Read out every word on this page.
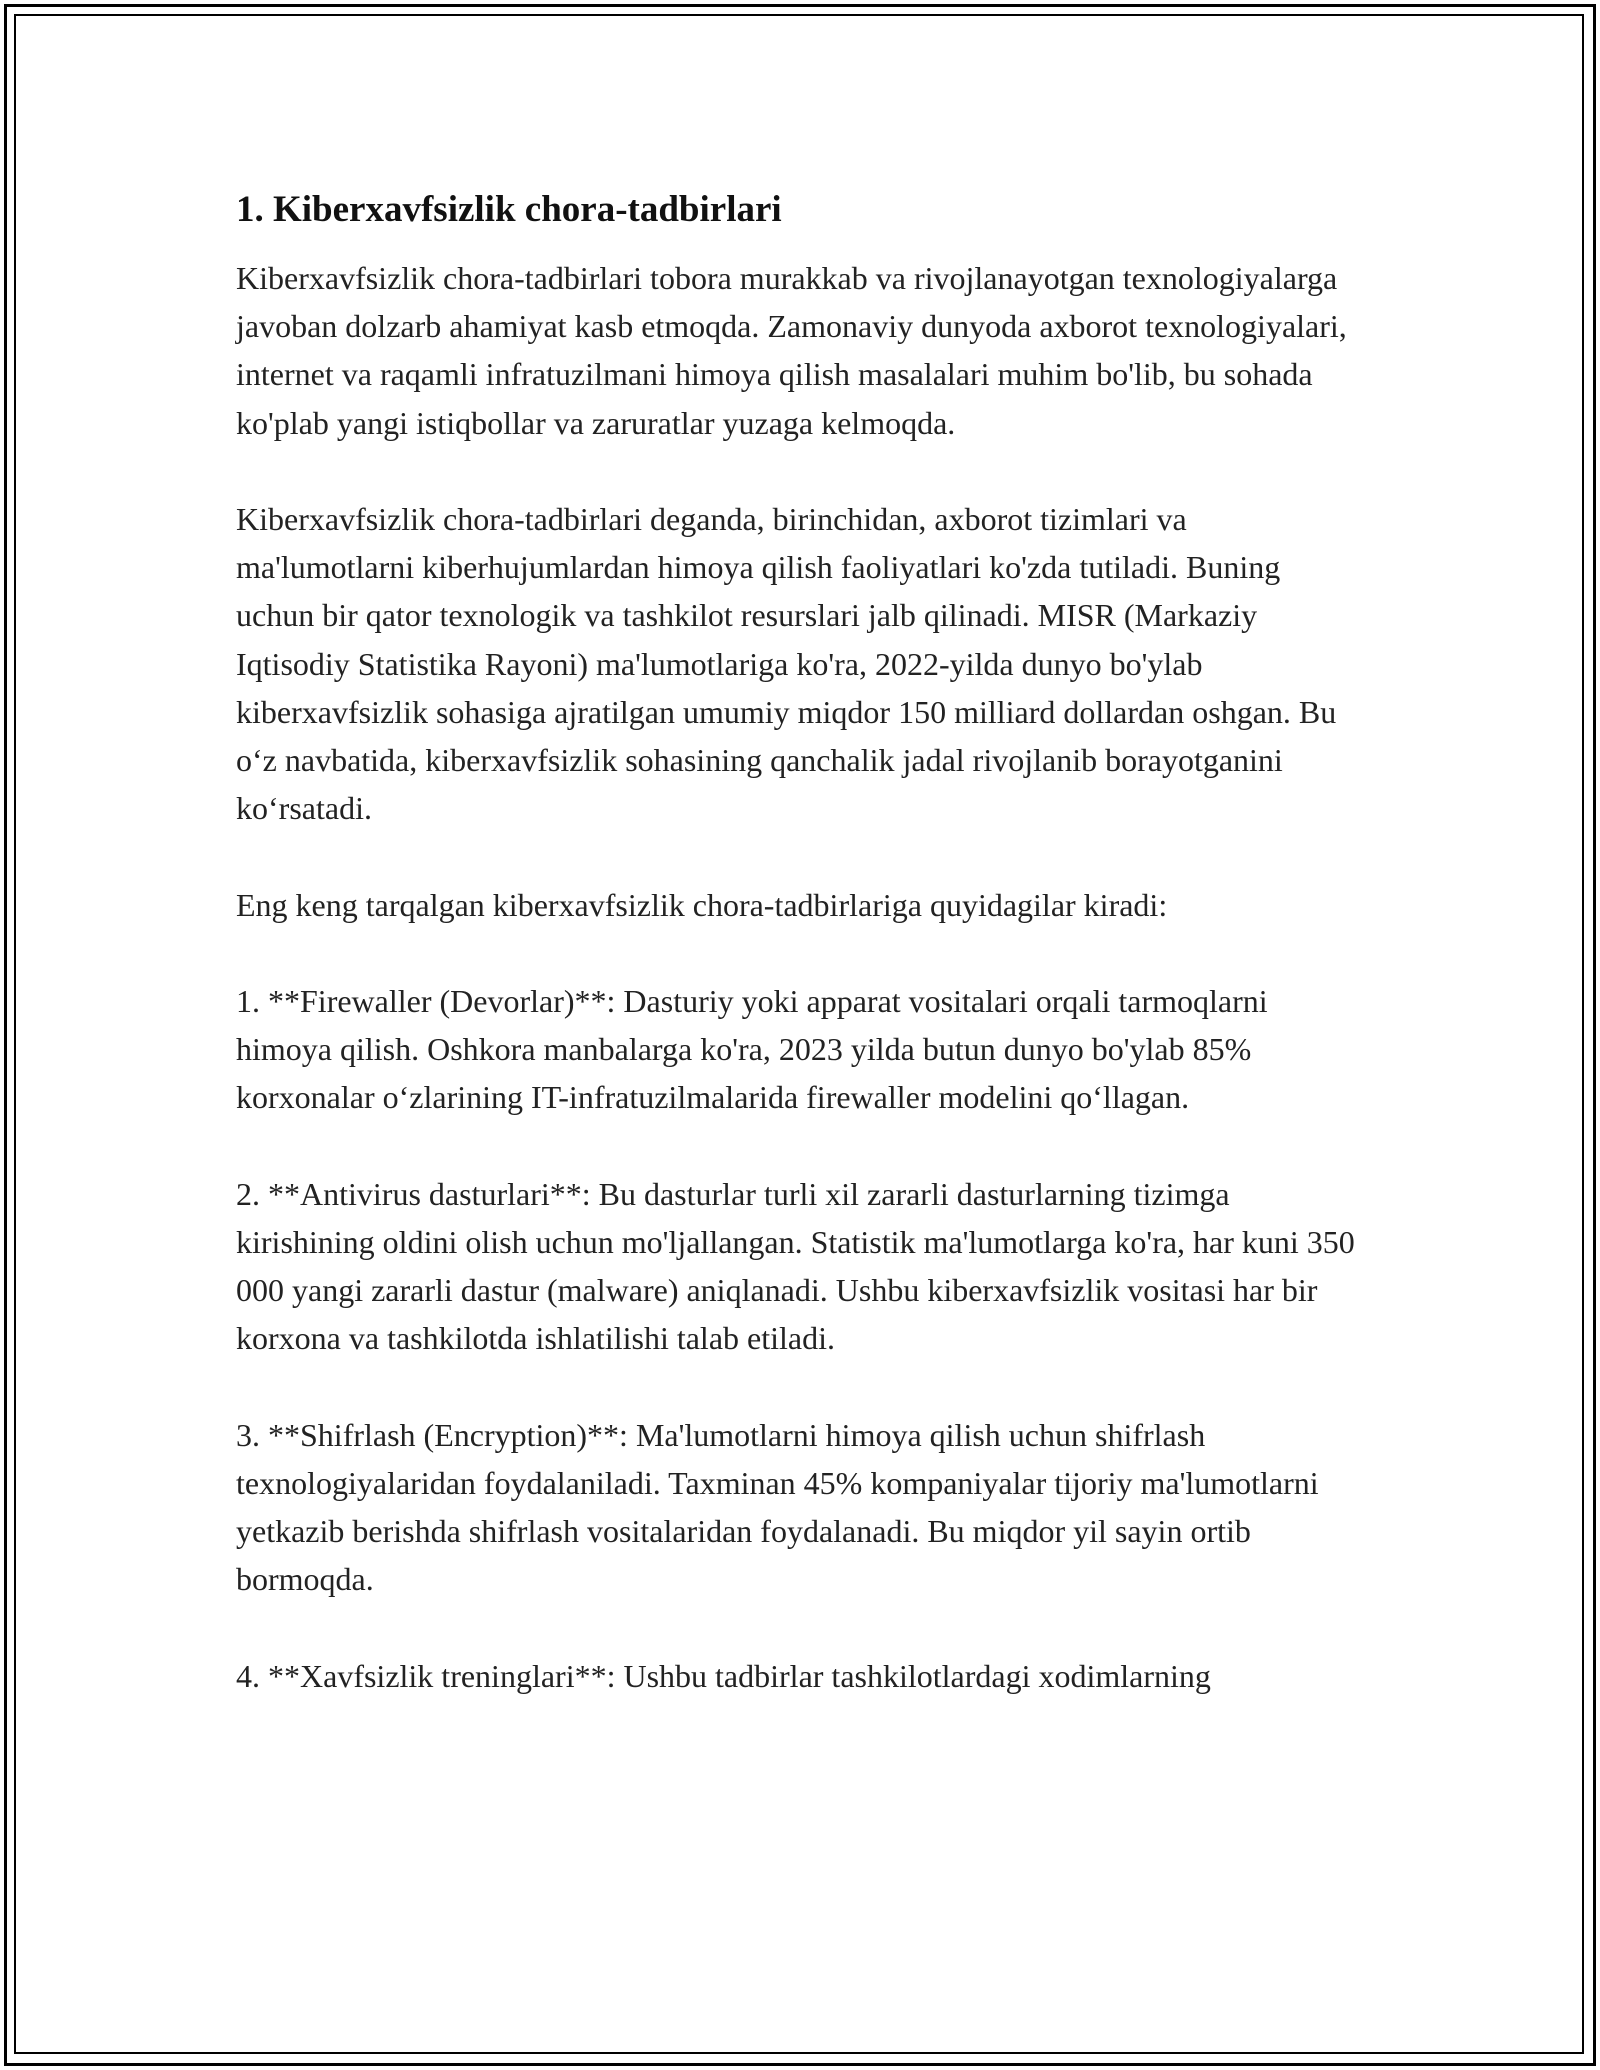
1. Kiberxavfsizlik chora-tadbirlari

Kiberxavfsizlik chora-tadbirlari tobora murakkab va rivojlanayotgan texnologiyalarga javoban dolzarb ahamiyat kasb etmoqda. Zamonaviy dunyoda axborot texnologiyalari, internet va raqamli infratuzilmani himoya qilish masalalari muhim bo'lib, bu sohada ko'plab yangi istiqbollar va zaruratlar yuzaga kelmoqda.

Kiberxavfsizlik chora-tadbirlari deganda, birinchidan, axborot tizimlari va ma'lumotlarni kiberhujumlardan himoya qilish faoliyatlari ko'zda tutiladi. Buning uchun bir qator texnologik va tashkilot resurslari jalb qilinadi. MISR (Markaziy Iqtisodiy Statistika Rayoni) ma'lumotlariga ko'ra, 2022-yilda dunyo bo'ylab kiberxavfsizlik sohasiga ajratilgan umumiy miqdor 150 milliard dollardan oshgan. Bu oʻz navbatida, kiberxavfsizlik sohasining qanchalik jadal rivojlanib borayotganini koʻrsatadi.

Eng keng tarqalgan kiberxavfsizlik chora-tadbirlariga quyidagilar kiradi:

1. **Firewaller (Devorlar)**: Dasturiy yoki apparat vositalari orqali tarmoqlarni himoya qilish. Oshkora manbalarga ko'ra, 2023 yilda butun dunyo bo'ylab 85% korxonalar oʻzlarining IT-infratuzilmalarida firewaller modelini qoʻllagan.

2. **Antivirus dasturlari**: Bu dasturlar turli xil zararli dasturlarning tizimga kirishining oldini olish uchun mo'ljallangan. Statistik ma'lumotlarga ko'ra, har kuni 350 000 yangi zararli dastur (malware) aniqlanadi. Ushbu kiberxavfsizlik vositasi har bir korxona va tashkilotda ishlatilishi talab etiladi.

3. **Shifrlash (Encryption)**: Ma'lumotlarni himoya qilish uchun shifrlash texnologiyalaridan foydalaniladi. Taxminan 45% kompaniyalar tijoriy ma'lumotlarni yetkazib berishda shifrlash vositalaridan foydalanadi. Bu miqdor yil sayin ortib bormoqda.

4. **Xavfsizlik treninglari**: Ushbu tadbirlar tashkilotlardagi xodimlarning
